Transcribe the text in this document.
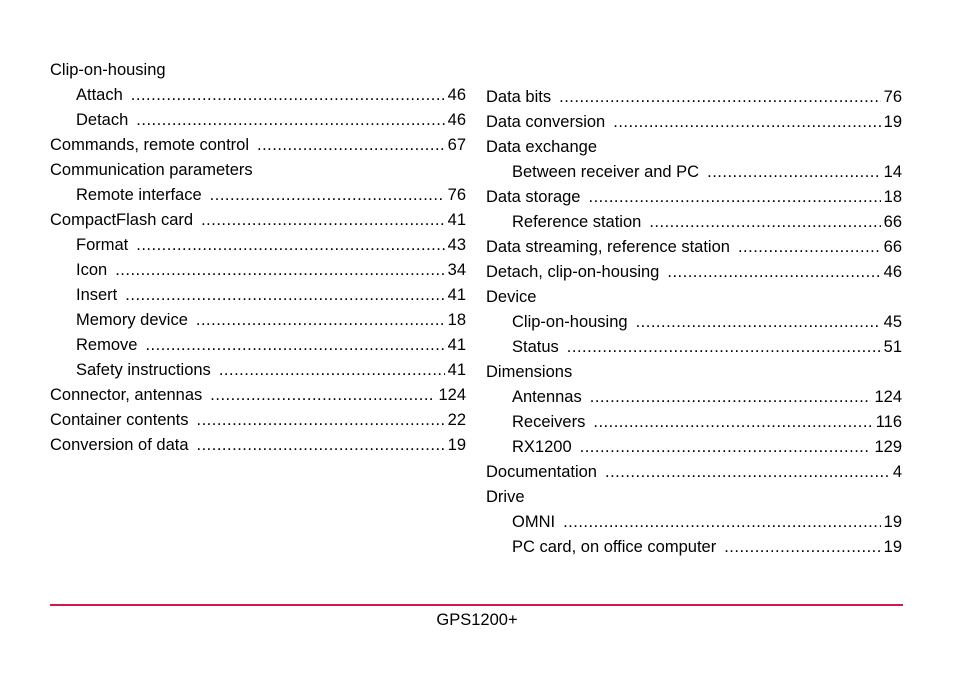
Clip-on-housing
Attach .....	46
Detach .....	46
Commands, remote control .....	67
Communication parameters
Remote interface .....	76
CompactFlash card .....	41
Format .....	43
Icon .....	34
Insert .....	41
Memory device .....	18
Remove .....	41
Safety instructions .....	41
Connector, antennas .....	124
Container contents .....	22
Conversion of data .....	19
Data bits .....	76
Data conversion .....	19
Data exchange
Between receiver and PC .....	14
Data storage .....	18
Reference station .....	66
Data streaming, reference station .....	66
Detach, clip-on-housing .....	46
Device
Clip-on-housing .....	45
Status .....	51
Dimensions
Antennas .....	124
Receivers .....	116
RX1200 .....	129
Documentation .....	4
Drive
OMNI .....	19
PC card, on office computer .....	19
GPS1200+
